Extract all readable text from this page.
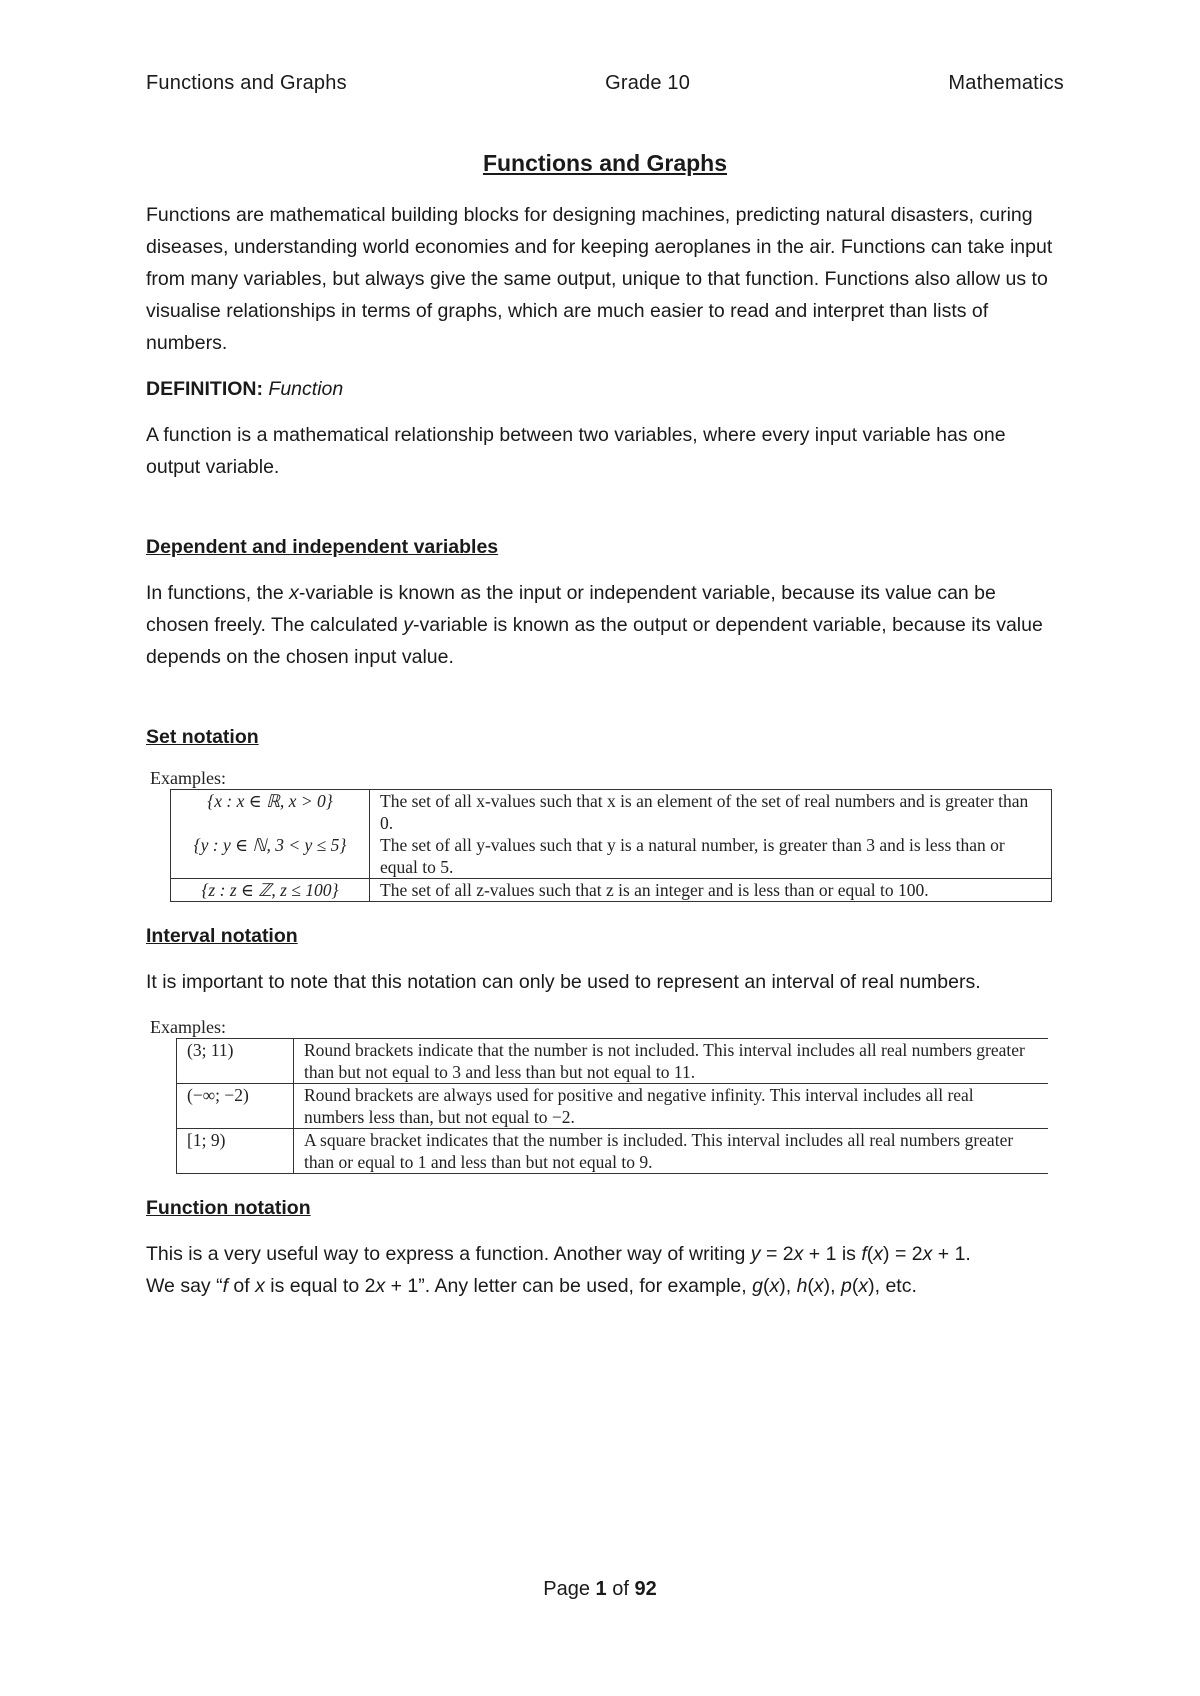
Functions and Graphs	Grade 10	Mathematics
Functions and Graphs

Functions are mathematical building blocks for designing machines, predicting natural disasters, curing diseases, understanding world economies and for keeping aeroplanes in the air. Functions can take input from many variables, but always give the same output, unique to that function. Functions also allow us to visualise relationships in terms of graphs, which are much easier to read and interpret than lists of numbers.

DEFINITION: Function

A function is a mathematical relationship between two variables, where every input variable has one output variable.

Dependent and independent variables

In functions, the x-variable is known as the input or independent variable, because its value can be chosen freely. The calculated y-variable is known as the output or dependent variable, because its value depends on the chosen input value.

Set notation
Examples:
{x : x ∈ ℝ, x > 0}	The set of all x-values such that x is an element of the set of real numbers and is greater than 0.
{y : y ∈ ℕ, 3 < y ≤ 5}	The set of all y-values such that y is a natural number, is greater than 3 and is less than or equal to 5.
{z : z ∈ ℤ, z ≤ 100}	The set of all z-values such that z is an integer and is less than or equal to 100.
Interval notation

It is important to note that this notation can only be used to represent an interval of real numbers.

Examples:
(3; 11)	Round brackets indicate that the number is not included. This interval includes all real numbers greater than but not equal to 3 and less than but not equal to 11.
(−∞; −2)	Round brackets are always used for positive and negative infinity. This interval includes all real numbers less than, but not equal to −2.
[1; 9)	A square bracket indicates that the number is included. This interval includes all real numbers greater than or equal to 1 and less than but not equal to 9.
Function notation

This is a very useful way to express a function. Another way of writing y = 2x + 1 is f(x) = 2x + 1.

We say “f of x is equal to 2x + 1”. Any letter can be used, for example, g(x), h(x), p(x), etc.

Page 1 of 92
